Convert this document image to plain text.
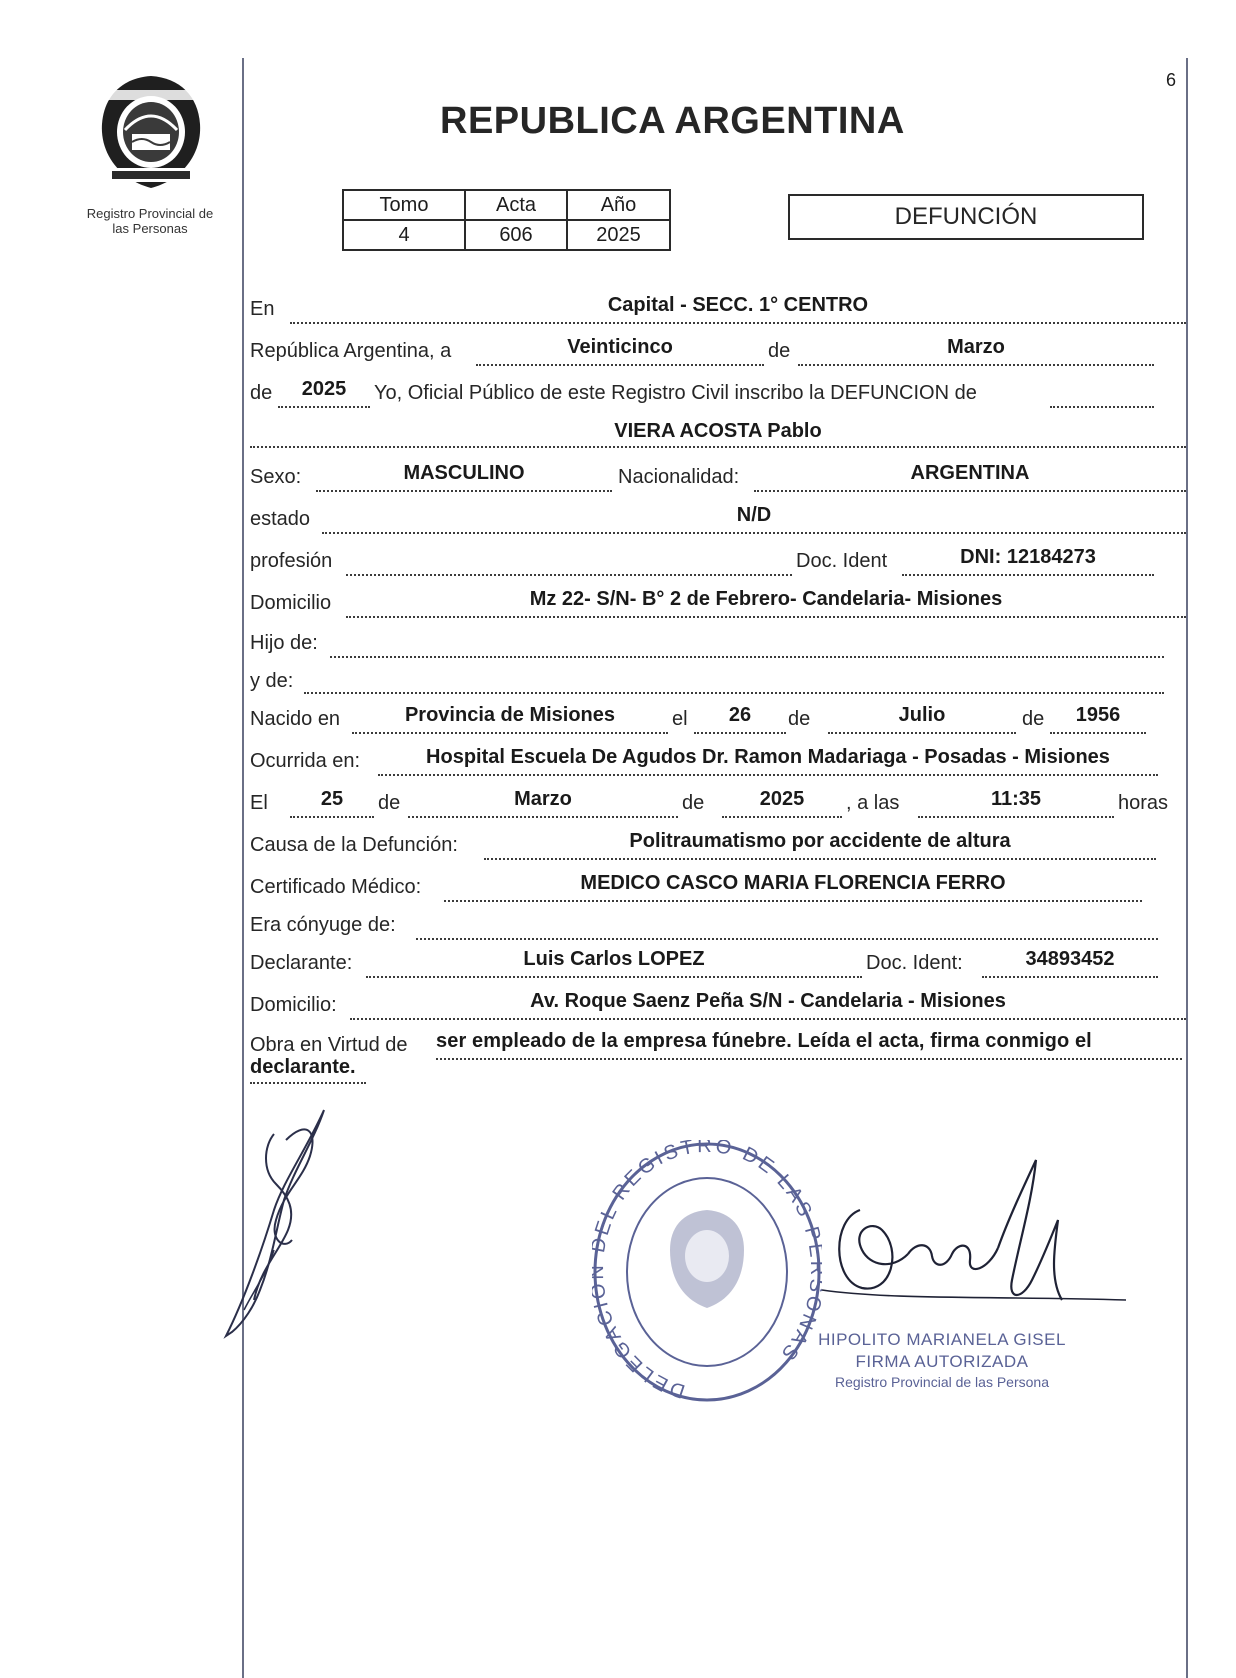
6
Registro Provincial de
las Personas
REPUBLICA ARGENTINA
Tomo	Acta	Año
4	606	2025
DEFUNCIÓN
En	Capital - SECC. 1° CENTRO
República Argentina, a	Veinticinco	de	Marzo
de	2025	Yo, Oficial Público de este Registro Civil inscribo la DEFUNCION de
VIERA ACOSTA Pablo
Sexo:	MASCULINO	Nacionalidad:	ARGENTINA
estado	N/D
profesión	Doc. Ident	DNI: 12184273
Domicilio	Mz 22- S/N- B° 2 de Febrero- Candelaria- Misiones
Hijo de:
y de:
Nacido en	Provincia de Misiones	el	26	de	Julio	de	1956
Ocurrida en:	Hospital Escuela De Agudos Dr. Ramon Madariaga - Posadas - Misiones
El	25	de	Marzo	de	2025	, a las	11:35	horas
Causa de la Defunción:	Politraumatismo por accidente de altura
Certificado Médico:	MEDICO CASCO MARIA FLORENCIA FERRO
Era cónyuge de:
Declarante:	Luis Carlos LOPEZ	Doc. Ident:	34893452
Domicilio:	Av. Roque Saenz Peña S/N - Candelaria - Misiones
Obra en Virtud de ser empleado de la empresa fúnebre. Leída el acta, firma conmigo el
declarante.
DELEGAC EL REGISTRO DE LAS NAS
HIPOLITO MARIANELA GISEL
FIRMA AUTORIZADA
Registro Provincial de las Persona
